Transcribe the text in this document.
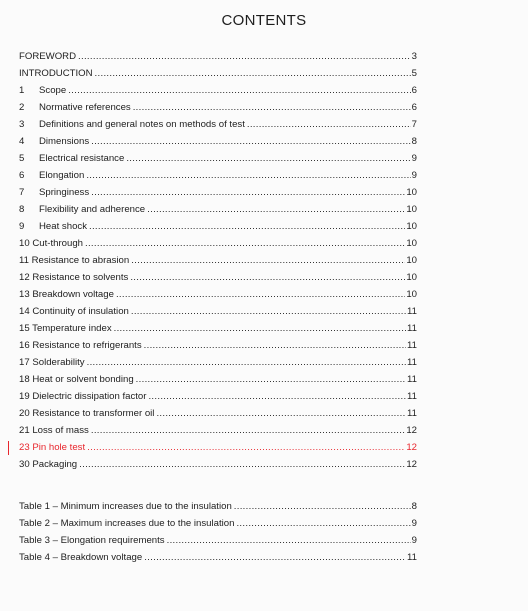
CONTENTS
FOREWORD .....	3
INTRODUCTION .....	5
1	Scope .....	6
2	Normative references .....	6
3	Definitions and general notes on methods of test .....	7
4	Dimensions .....	8
5	Electrical resistance .....	9
6	Elongation .....	9
7	Springiness .....	10
8	Flexibility and adherence .....	10
9	Heat shock .....	10
10 Cut-through .....	10
11 Resistance to abrasion .....	10
12 Resistance to solvents .....	10
13 Breakdown voltage .....	10
14 Continuity of insulation .....	11
15 Temperature index .....	11
16 Resistance to refrigerants .....	11
17 Solderability .....	11
18 Heat or solvent bonding .....	11
19 Dielectric dissipation factor .....	11
20 Resistance to transformer oil .....	11
21 Loss of mass .....	12
23 Pin hole test .....	12
30 Packaging .....	12
Table 1 – Minimum increases due to the insulation .....	8
Table 2 – Maximum increases due to the insulation .....	9
Table 3 – Elongation requirements .....	9
Table 4 – Breakdown voltage .....	11
